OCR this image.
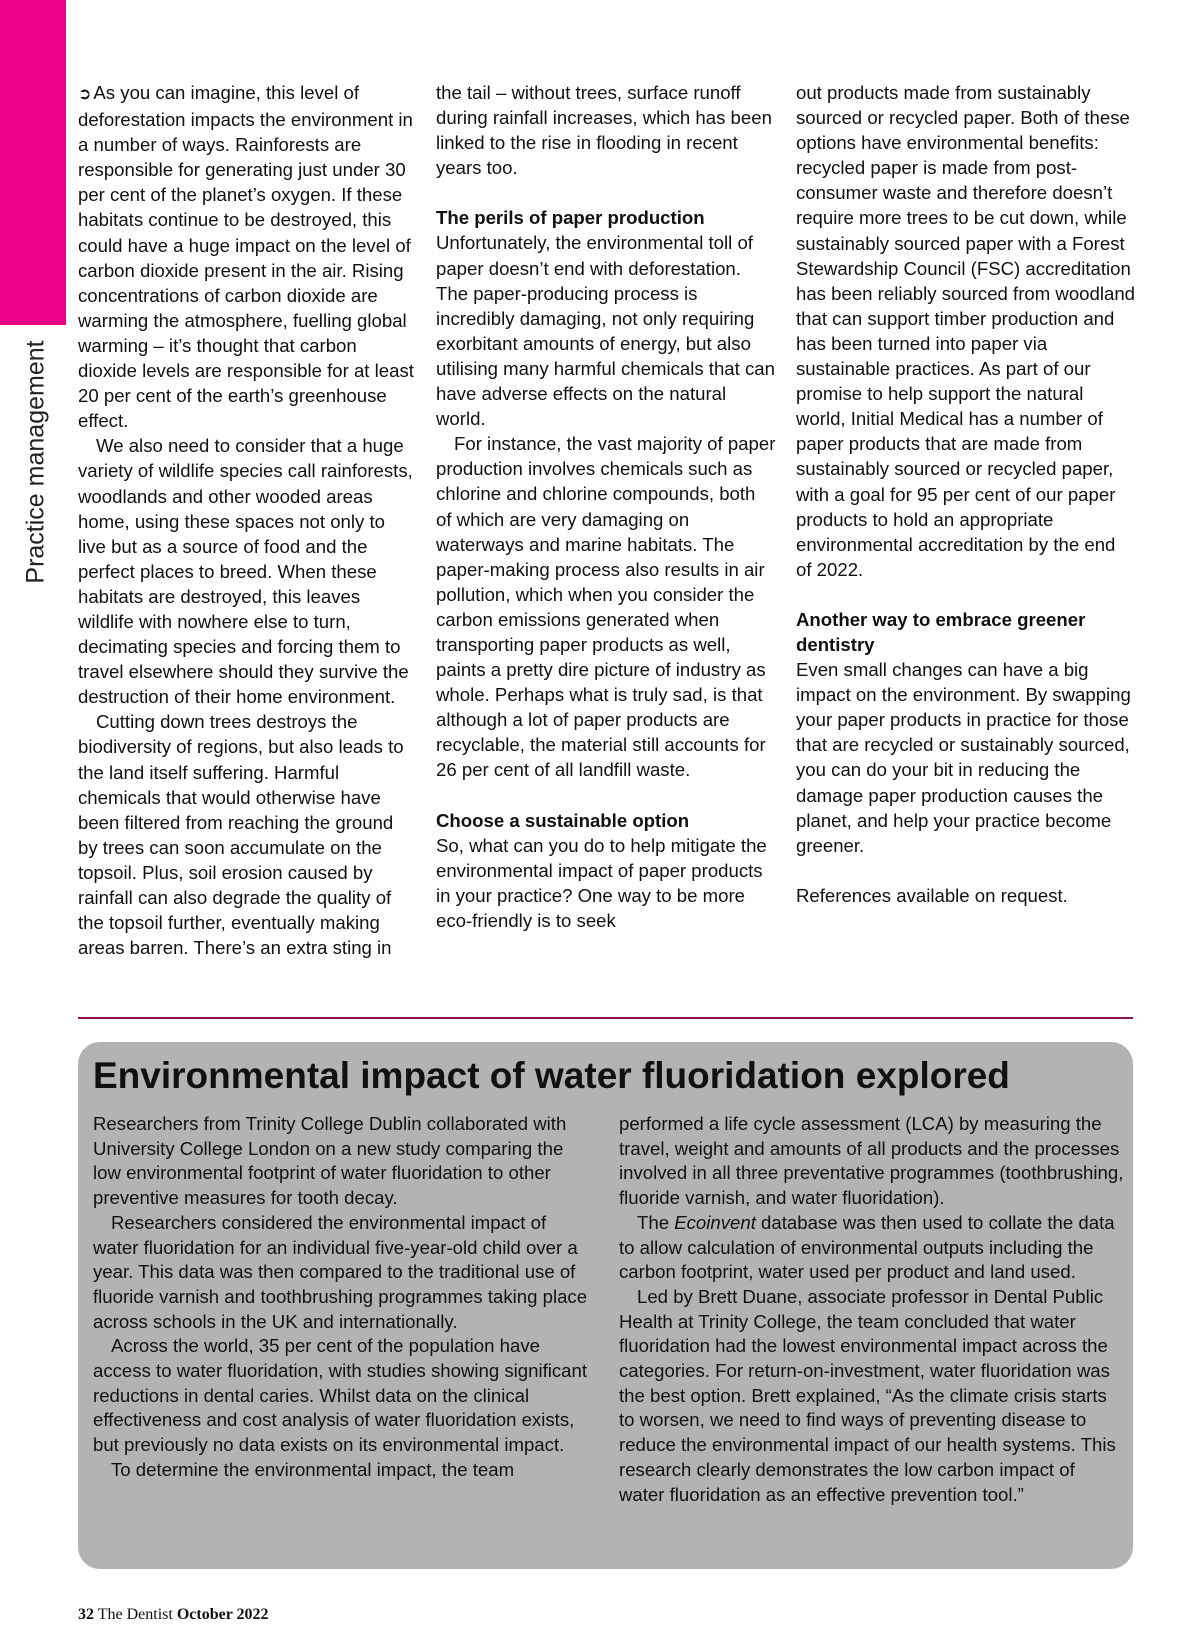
Practice management

➲ As you can imagine, this level of deforestation impacts the environment in a number of ways. Rainforests are responsible for generating just under 30 per cent of the planet’s oxygen. If these habitats continue to be destroyed, this could have a huge impact on the level of carbon dioxide present in the air. Rising concentrations of carbon dioxide are warming the atmosphere, fuelling global warming – it’s thought that carbon dioxide levels are responsible for at least 20 per cent of the earth’s greenhouse effect.

We also need to consider that a huge variety of wildlife species call rainforests, woodlands and other wooded areas home, using these spaces not only to live but as a source of food and the perfect places to breed. When these habitats are destroyed, this leaves wildlife with nowhere else to turn, decimating species and forcing them to travel elsewhere should they survive the destruction of their home environment.

Cutting down trees destroys the biodiversity of regions, but also leads to the land itself suffering. Harmful chemicals that would otherwise have been filtered from reaching the ground by trees can soon accumulate on the topsoil. Plus, soil erosion caused by rainfall can also degrade the quality of the topsoil further, eventually making areas barren. There’s an extra sting in

the tail – without trees, surface runoff during rainfall increases, which has been linked to the rise in flooding in recent years too.

The perils of paper production

Unfortunately, the environmental toll of paper doesn’t end with deforestation. The paper-producing process is incredibly damaging, not only requiring exorbitant amounts of energy, but also utilising many harmful chemicals that can have adverse effects on the natural world.

For instance, the vast majority of paper production involves chemicals such as chlorine and chlorine compounds, both of which are very damaging on waterways and marine habitats. The paper-making process also results in air pollution, which when you consider the carbon emissions generated when transporting paper products as well, paints a pretty dire picture of industry as whole. Perhaps what is truly sad, is that although a lot of paper products are recyclable, the material still accounts for 26 per cent of all landfill waste.

Choose a sustainable option

So, what can you do to help mitigate the environmental impact of paper products in your practice? One way to be more eco-friendly is to seek

out products made from sustainably sourced or recycled paper. Both of these options have environmental benefits: recycled paper is made from post-consumer waste and therefore doesn’t require more trees to be cut down, while sustainably sourced paper with a Forest Stewardship Council (FSC) accreditation has been reliably sourced from woodland that can support timber production and has been turned into paper via sustainable practices. As part of our promise to help support the natural world, Initial Medical has a number of paper products that are made from sustainably sourced or recycled paper, with a goal for 95 per cent of our paper products to hold an appropriate environmental accreditation by the end of 2022.

Another way to embrace greener dentistry

Even small changes can have a big impact on the environment. By swapping your paper products in practice for those that are recycled or sustainably sourced, you can do your bit in reducing the damage paper production causes the planet, and help your practice become greener.

References available on request.

Environmental impact of water fluoridation explored

Researchers from Trinity College Dublin collaborated with University College London on a new study comparing the low environmental footprint of water fluoridation to other preventive measures for tooth decay.

Researchers considered the environmental impact of water fluoridation for an individual five-year-old child over a year. This data was then compared to the traditional use of fluoride varnish and toothbrushing programmes taking place across schools in the UK and internationally.

Across the world, 35 per cent of the population have access to water fluoridation, with studies showing significant reductions in dental caries. Whilst data on the clinical effectiveness and cost analysis of water fluoridation exists, but previously no data exists on its environmental impact.

To determine the environmental impact, the team

performed a life cycle assessment (LCA) by measuring the travel, weight and amounts of all products and the processes involved in all three preventative programmes (toothbrushing, fluoride varnish, and water fluoridation).

The Ecoinvent database was then used to collate the data to allow calculation of environmental outputs including the carbon footprint, water used per product and land used.

Led by Brett Duane, associate professor in Dental Public Health at Trinity College, the team concluded that water fluoridation had the lowest environmental impact across the categories. For return-on-investment, water fluoridation was the best option. Brett explained, “As the climate crisis starts to worsen, we need to find ways of preventing disease to reduce the environmental impact of our health systems. This research clearly demonstrates the low carbon impact of water fluoridation as an effective prevention tool.”

32 The Dentist October 2022
